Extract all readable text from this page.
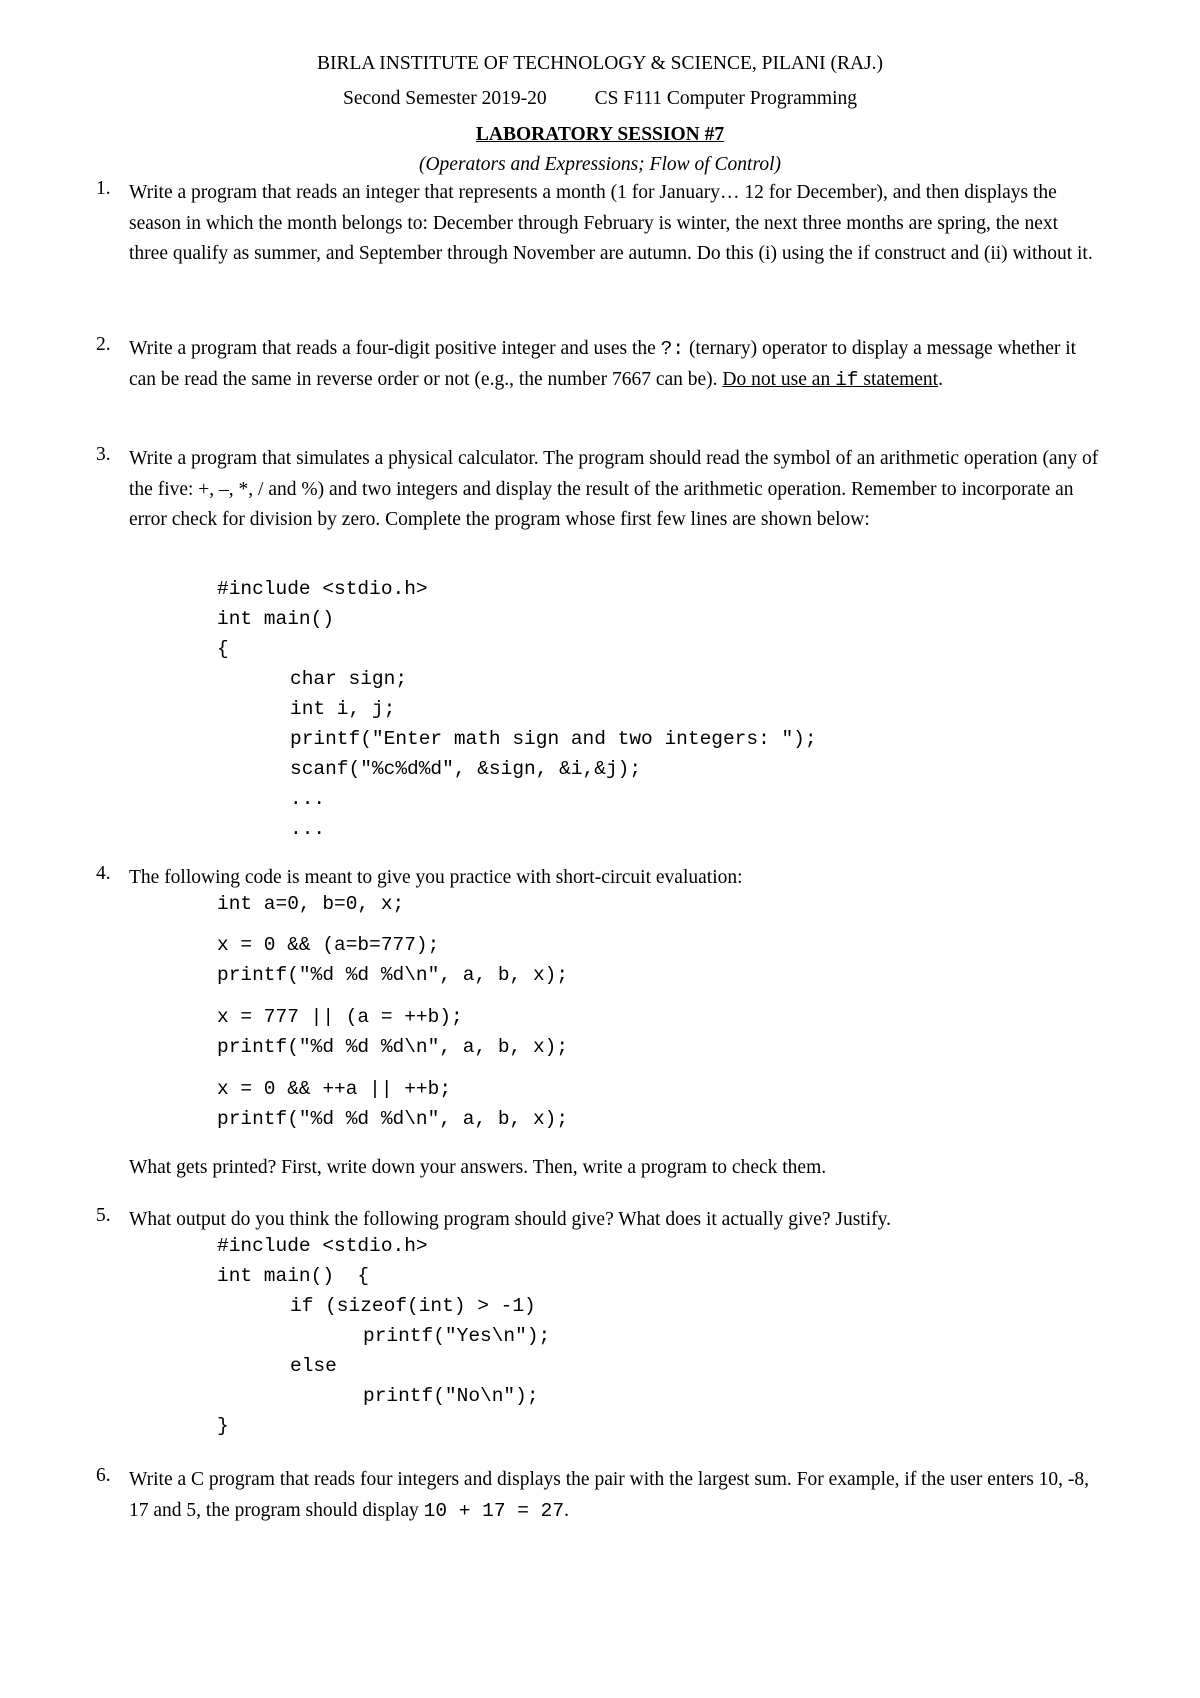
BIRLA INSTITUTE OF TECHNOLOGY & SCIENCE, PILANI (RAJ.)
Second Semester 2019-20 CS F111 Computer Programming
LABORATORY SESSION #7
(Operators and Expressions; Flow of Control)
1. Write a program that reads an integer that represents a month (1 for January… 12 for December), and then displays the season in which the month belongs to: December through February is winter, the next three months are spring, the next three qualify as summer, and September through November are autumn. Do this (i) using the if construct and (ii) without it.
2. Write a program that reads a four-digit positive integer and uses the ?: (ternary) operator to display a message whether it can be read the same in reverse order or not (e.g., the number 7667 can be). Do not use an if statement.
3. Write a program that simulates a physical calculator. The program should read the symbol of an arithmetic operation (any of the five: +, –, *, / and %) and two integers and display the result of the arithmetic operation. Remember to incorporate an error check for division by zero. Complete the program whose first few lines are shown below:
#include <stdio.h>
int main()
{
char sign;
int i, j;
printf("Enter math sign and two integers: ");
scanf("%c%d%d", &sign, &i,&j);
...
...
4. The following code is meant to give you practice with short-circuit evaluation:
int a=0, b=0, x;
x = 0 && (a=b=777);
printf("%d %d %d\n", a, b, x);
x = 777 || (a = ++b);
printf("%d %d %d\n", a, b, x);
x = 0 && ++a || ++b;
printf("%d %d %d\n", a, b, x);
What gets printed? First, write down your answers. Then, write a program to check them.
5. What output do you think the following program should give? What does it actually give? Justify.
#include <stdio.h>
int main()  {
if (sizeof(int) > -1)
printf("Yes\n");
else
printf("No\n");
}
6. Write a C program that reads four integers and displays the pair with the largest sum. For example, if the user enters 10, -8, 17 and 5, the program should display 10 + 17 = 27.
